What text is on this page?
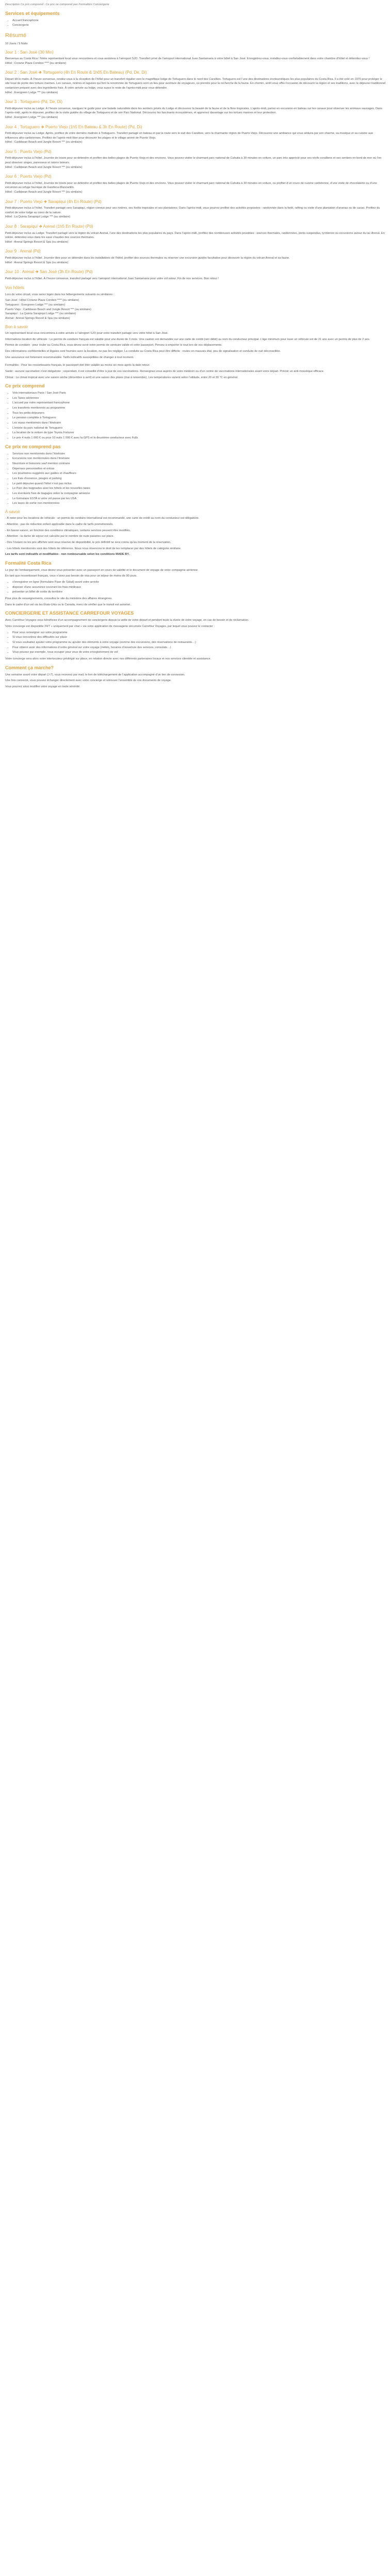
Description Ce prix comprend : Ce prix ne comprend pas Formalités Conciergerie

Services et équipements
• Accueil francophone
• Conciergerie
Résumé

10 Jours / 9 Nuits

Jour 1 : San José (30 Min)

Bienvenue au Costa Rica ! Notre représentant local vous rencontrera et vous assistera à l’aéroport SJO. Transfert privé de l’aéroport international Juan Santamaria à votre hôtel à San José. Enregistrez-vous, installez-vous confortablement dans votre chambre d’hôtel et détendez-vous !

Hôtel : Crowne Plaza Corobici **** (ou similaire)

Jour 2 : San José 🡺 Tortuguero (4h En Route & 1h05 En Bateau) (Pd, De, Di)

Départ tôt le matin. À l’heure convenue, rendez-vous à la réception de l’hôtel pour un transfert régulier vers le magnifique lodge de Tortuguero dans le nord des Caraïbes. Tortuguero est l’une des destinations écotouristiques les plus populaires du Costa Rica. Il a été créé en 1970 pour protéger le site local de ponte des tortues marines. Les canaux, rivières et lagunes qui font la renommée de Tortuguero sont un lieu pour aventure de voyageurs, où prendre pour la recherche de la faune. En chemin, arrêt vous offre l’occasion de découvrir la région et ses traditions, avec le déjeuner traditionnel costaricien préparé avec des ingrédients frais. À votre arrivée au lodge, vous aurez le reste de l’après-midi pour vous détendre.

Hôtel : Evergreen Lodge *** (ou similaire)

Jour 3 : Tortuguero (Pd, De, Di)

Petit-déjeuner inclus au Lodge. À l’heure convenue, naviguez le guide pour une balade naturaliste dans les sentiers privés du Lodge et découvrez la beauté de la faune et de la flore tropicales. L’après-midi, partez en excursion en bateau sur les canaux pour observer les animaux sauvages. Dans l’après-midi, après le déjeuner, profitez de la visite guidée du village de Tortuguero et de son Parc National. Découvrez les fascinants écosystèmes, et apprenez davantage sur les tortues marines et leur protection.

Hôtel : Evergreen Lodge *** (ou similaire)

Jour 4 : Tortuguero 🡺 Puerto Viejo (1h5 En Bateau & 3h En Route) (Pd, Di)

Petit-déjeuner inclus au Lodge. Après, profitez de votre dernière matinée à Tortuguero. Transfert partagé en bateau et par la route vers le sud des Caraïbes, vers la charmante région de Puerto Viejo. Découvrez une ambiance qui vous séduira par son charme, sa musique et sa cuisine aux influences afro-caribéennes. Profitez de l’après-midi libre pour découvrir les plages et le village animé de Puerto Viejo.

Hôtel : Caribbean Beach and Jungle Resort *** (ou similaire)

Jour 5 : Puerto Viejo (Pd)

Petit-déjeuner inclus à l’hôtel. Journée de loisirs pour se détendre et profiter des belles plages de Puerto Viejo et des environs. Vous pouvez visiter le charmant parc national de Cahuita à 30 minutes en voiture, un parc très apprécié pour ses récifs coralliens et ses sentiers en bord de mer où l’on peut observer singes, paresseux et ratons laveurs.

Hôtel : Caribbean Beach and Jungle Resort *** (ou similaire)

Jour 6 : Puerto Viejo (Pd)

Petit-déjeuner inclus à l’hôtel. Journée de loisirs pour se détendre et profiter des belles plages de Puerto Viejo et des environs. Vous pouvez visiter le charmant parc national de Cahuita à 30 minutes en voiture, ou profiter d’un cours de cuisine caribéenne, d’une visite de chocolaterie ou d’une excursion au refuge faunique de Gandoca-Manzanillo.

Hôtel : Caribbean Beach and Jungle Resort *** (ou similaire)

Jour 7 : Puerto Viejo 🡺 Sarapiquí (4h En Route) (Pd)

Petit-déjeuner inclus à l’hôtel. Transfert partagé vers Sarapiquí, région connue pour ses rivières, ses forêts tropicales et ses plantations. Dans l’après-midi, vous pourrez profiter des activités proposées : randonnée dans la forêt, rafting ou visite d’une plantation d’ananas ou de cacao. Profitez du confort de votre lodge au cœur de la nature.

Hôtel : La Quinta Sarapiquí Lodge *** (ou similaire)

Jour 8 : Sarapiquí 🡺 Arenal (1h5 En Route) (Pd)

Petit-déjeuner inclus au Lodge. Transfert partagé vers la région du volcan Arenal, l’une des destinations les plus populaires du pays. Dans l’après-midi, profitez des nombreuses activités possibles : sources thermales, randonnées, ponts suspendus, tyrolienne ou excursions autour du lac Arenal. En soirée, détendez-vous dans les eaux chaudes des sources thermales.

Hôtel : Arenal Springs Resort & Spa (ou similaire)

Jour 9 : Arenal (Pd)

Petit-déjeuner inclus à l’hôtel. Journée libre pour se détendre dans les installations de l’hôtel, profiter des sources thermales ou réserver une excursion guidée facultative pour découvrir la région du volcan Arenal et sa faune.

Hôtel : Arenal Springs Resort & Spa (ou similaire)

Jour 10 : Arenal 🡺 San José (3h En Route) (Pd)

Petit-déjeuner inclus à l’hôtel. À l’heure convenue, transfert partagé vers l’aéroport international Juan Santamaria pour votre vol retour. Fin de nos services. Bon retour !

Vos hôtels

Lors de votre circuit, vous serez logés dans les hébergements suivants ou similaires :

San José : Hôtel Crowne Plaza Corobici **** (ou similaire)

Tortuguero : Evergreen Lodge *** (ou similaire)

Puerto Viejo : Caribbean Beach and Jungle Resort *** (ou similaire)

Sarapiquí : La Quinta Sarapiquí Lodge *** (ou similaire)

Arenal : Arenal Springs Resort & Spa (ou similaire)

Bon à savoir

Un représentant local vous rencontrera à votre arrivée à l’aéroport SJO pour votre transfert partagé vers votre hôtel à San José.

Informations location de véhicule : Le permis de conduire français est valable pour une durée de 3 mois. Une caution est demandée sur une carte de crédit (non débit) au nom du conducteur principal. L’âge minimum pour louer un véhicule est de 21 ans avec un permis de plus de 2 ans.

Permis de conduire : pour rouler au Costa Rica, vous devez avoir votre permis de conduire valide et votre passeport. Pensez à emporter le tout lors de vos déplacements.

Des informations confidentielles et légales sont fournies avec la location, ne pas les négliger. La conduite au Costa Rica peut être difficile : routes en mauvais état, peu de signalisation et conduite de nuit déconseillée.

Une assurance est fortement recommandée. Tarifs indicatifs susceptibles de changer à tout moment.

Formalités - Pour les ressortissants français, le passeport doit être valable au moins six mois après la date retour.

Santé : aucune vaccination n’est obligatoire ; cependant, il est conseillé d’être à jour de vos vaccinations. Renseignez-vous auprès de votre médecin ou d’un centre de vaccinations internationales avant votre départ. Prévoir un anti-moustique efficace.

Climat : Le climat tropical avec une saison sèche (décembre à avril) et une saison des pluies (mai à novembre). Les températures varient selon l’altitude, entre 20 et 30 °C en général.

Ce prix comprend
• Vols internationaux Paris / San José Paris
• Les Taxes aériennes
• L’accueil par notre représentant francophone
• Les transferts mentionnés au programme
• Tous les petits-déjeuners
• Le pension complète à Tortuguero
• Les repas mentionnés dans l’itinéraire
• L’entrée du parc national de Tortuguero
• La location de la voiture de type Toyota Fortuner
• Le prix 4 nuits 1 000 € ou pour 10 nuits 1 000 € avec la GPS et le deuxième conducteur avec Fulls
Ce prix ne comprend pas
• Services non mentionnés dans l’itinéraire
• Excursions non mentionnées dans l’itinéraire
• Nourriture et boissons sauf mention contraire
• Dépenses personnelles et extras
• Les pourboires suggérés aux guides et chauffeurs
• Les frais d’essence, péages et parking
• Le petit déjeuner quand l’hôtel n’est pas inclus
• Le Parc des baignades avec les hôtels et les nouvelles taxes
• Les éventuels frais de bagages selon la compagnie aérienne
• Le formulaire ESTA si votre vol passe par les USA
• Les taxes de sortie non mentionnées
À savoir

- À noter pour les locations de véhicule : un permis de conduire international est recommandé, une carte de crédit au nom du conducteur est obligatoire.

- Attention : pas de réduction enfant applicable dans le cadre de tarifs promotionnels.

- En basse saison, en fonction des conditions climatiques, certains services peuvent être modifiés.

- Attention : la durée de séjour est calculée par le nombre de nuits passées sur place.

- Dès l’instant où les prix affichés sont sous réserve de disponibilité, le prix définitif ne sera connu qu’au moment de la réservation.

- Les hôtels mentionnés sont des hôtels de référence. Nous nous réservons le droit de les remplacer par des hôtels de catégorie similaire.

Les tarifs sont indicatifs et modifiables - non remboursable selon les conditions MADE BY.

Formalité Costa Rica

Le jour de l’embarquement, vous devez vous présenter avec un passeport en cours de validité et le document de voyage de votre compagnie aérienne.

En tant que ressortissant français, vous n’avez pas besoin de visa pour un séjour de moins de 90 jours.

• s’enregistrer en ligne (formulaire Pase de Salud) avant votre arrivée
• disposer d’une assurance couvrant les frais médicaux
• présenter un billet de sortie du territoire

Pour plus de renseignements, consultez le site du ministère des affaires étrangères.

Dans le cadre d’un vol via les États-Unis ou le Canada, merci de vérifier que le transit est autorisé.

CONCIERGERIE ET ASSISTANCE CARREFOUR VOYAGES

Avec Carrefour Voyages vous bénéficiez d’un accompagnement de conciergerie depuis la veille de votre départ et pendant toute la durée de votre voyage, en cas de besoin et de réclamation.

Votre concierge est disponible 24/7 « uniquement par chat » via votre application de messagerie sécurisée Carrefour Voyages, par lequel vous pouvez le contacter :

• Pour vous renseigner sur votre programme
• Si vous rencontrez des difficultés sur place
• Si vous souhaitez ajouter votre programme ou ajouter des éléments à votre voyage (comme des excursions, des réservations de restaurants…)
• Pour obtenir avoir des informations d’ordre général sur votre voyage (météo, horaires d’ouverture des services, consulats…)
• Vous pouvez par exemple, nous occuper pour vous de votre enregistrement de vol

Votre concierge sera alors votre interlocuteur privilégié sur place, en relation directe avec nos différents partenaires locaux et nos services clientèle et assistance.

Comment ça marche?

Une semaine avant votre départ (J-7), vous recevrez par mail, le lien de téléchargement de l’application accompagné d’un lien de connexion.

Une fois connecté, vous pouvez échanger directement avec votre concierge et retrouver l’ensemble de vos documents de voyage.

Vous pourrez ainsi modifier votre voyage en toute sérénité.
